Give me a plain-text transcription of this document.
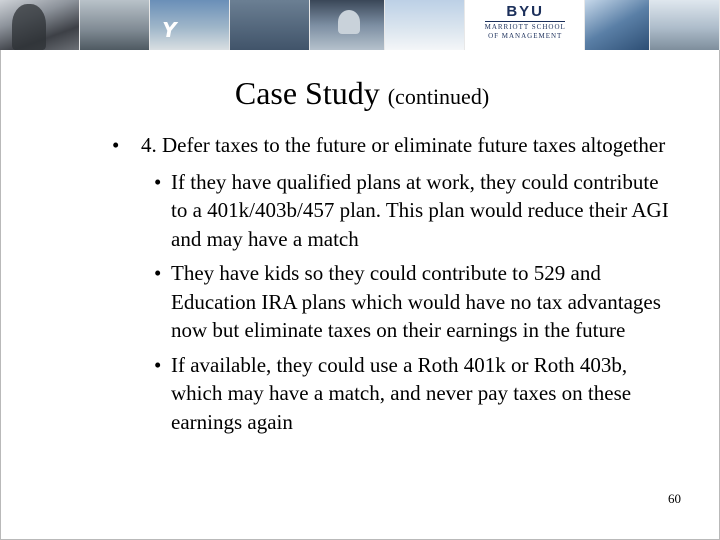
Y
BYU
MARRIOTT SCHOOL
OF MANAGEMENT
Case Study (continued)
• 4. Defer taxes to the future or eliminate future taxes altogether
• If they have qualified plans at work, they could contribute to a 401k/403b/457 plan. This plan would reduce their AGI and may have a match
• They have kids so they could contribute to 529 and Education IRA plans which would have no tax advantages now but eliminate taxes on their earnings in the future
• If available, they could use a Roth 401k or Roth 403b, which may have a match, and never pay taxes on these earnings again
60
